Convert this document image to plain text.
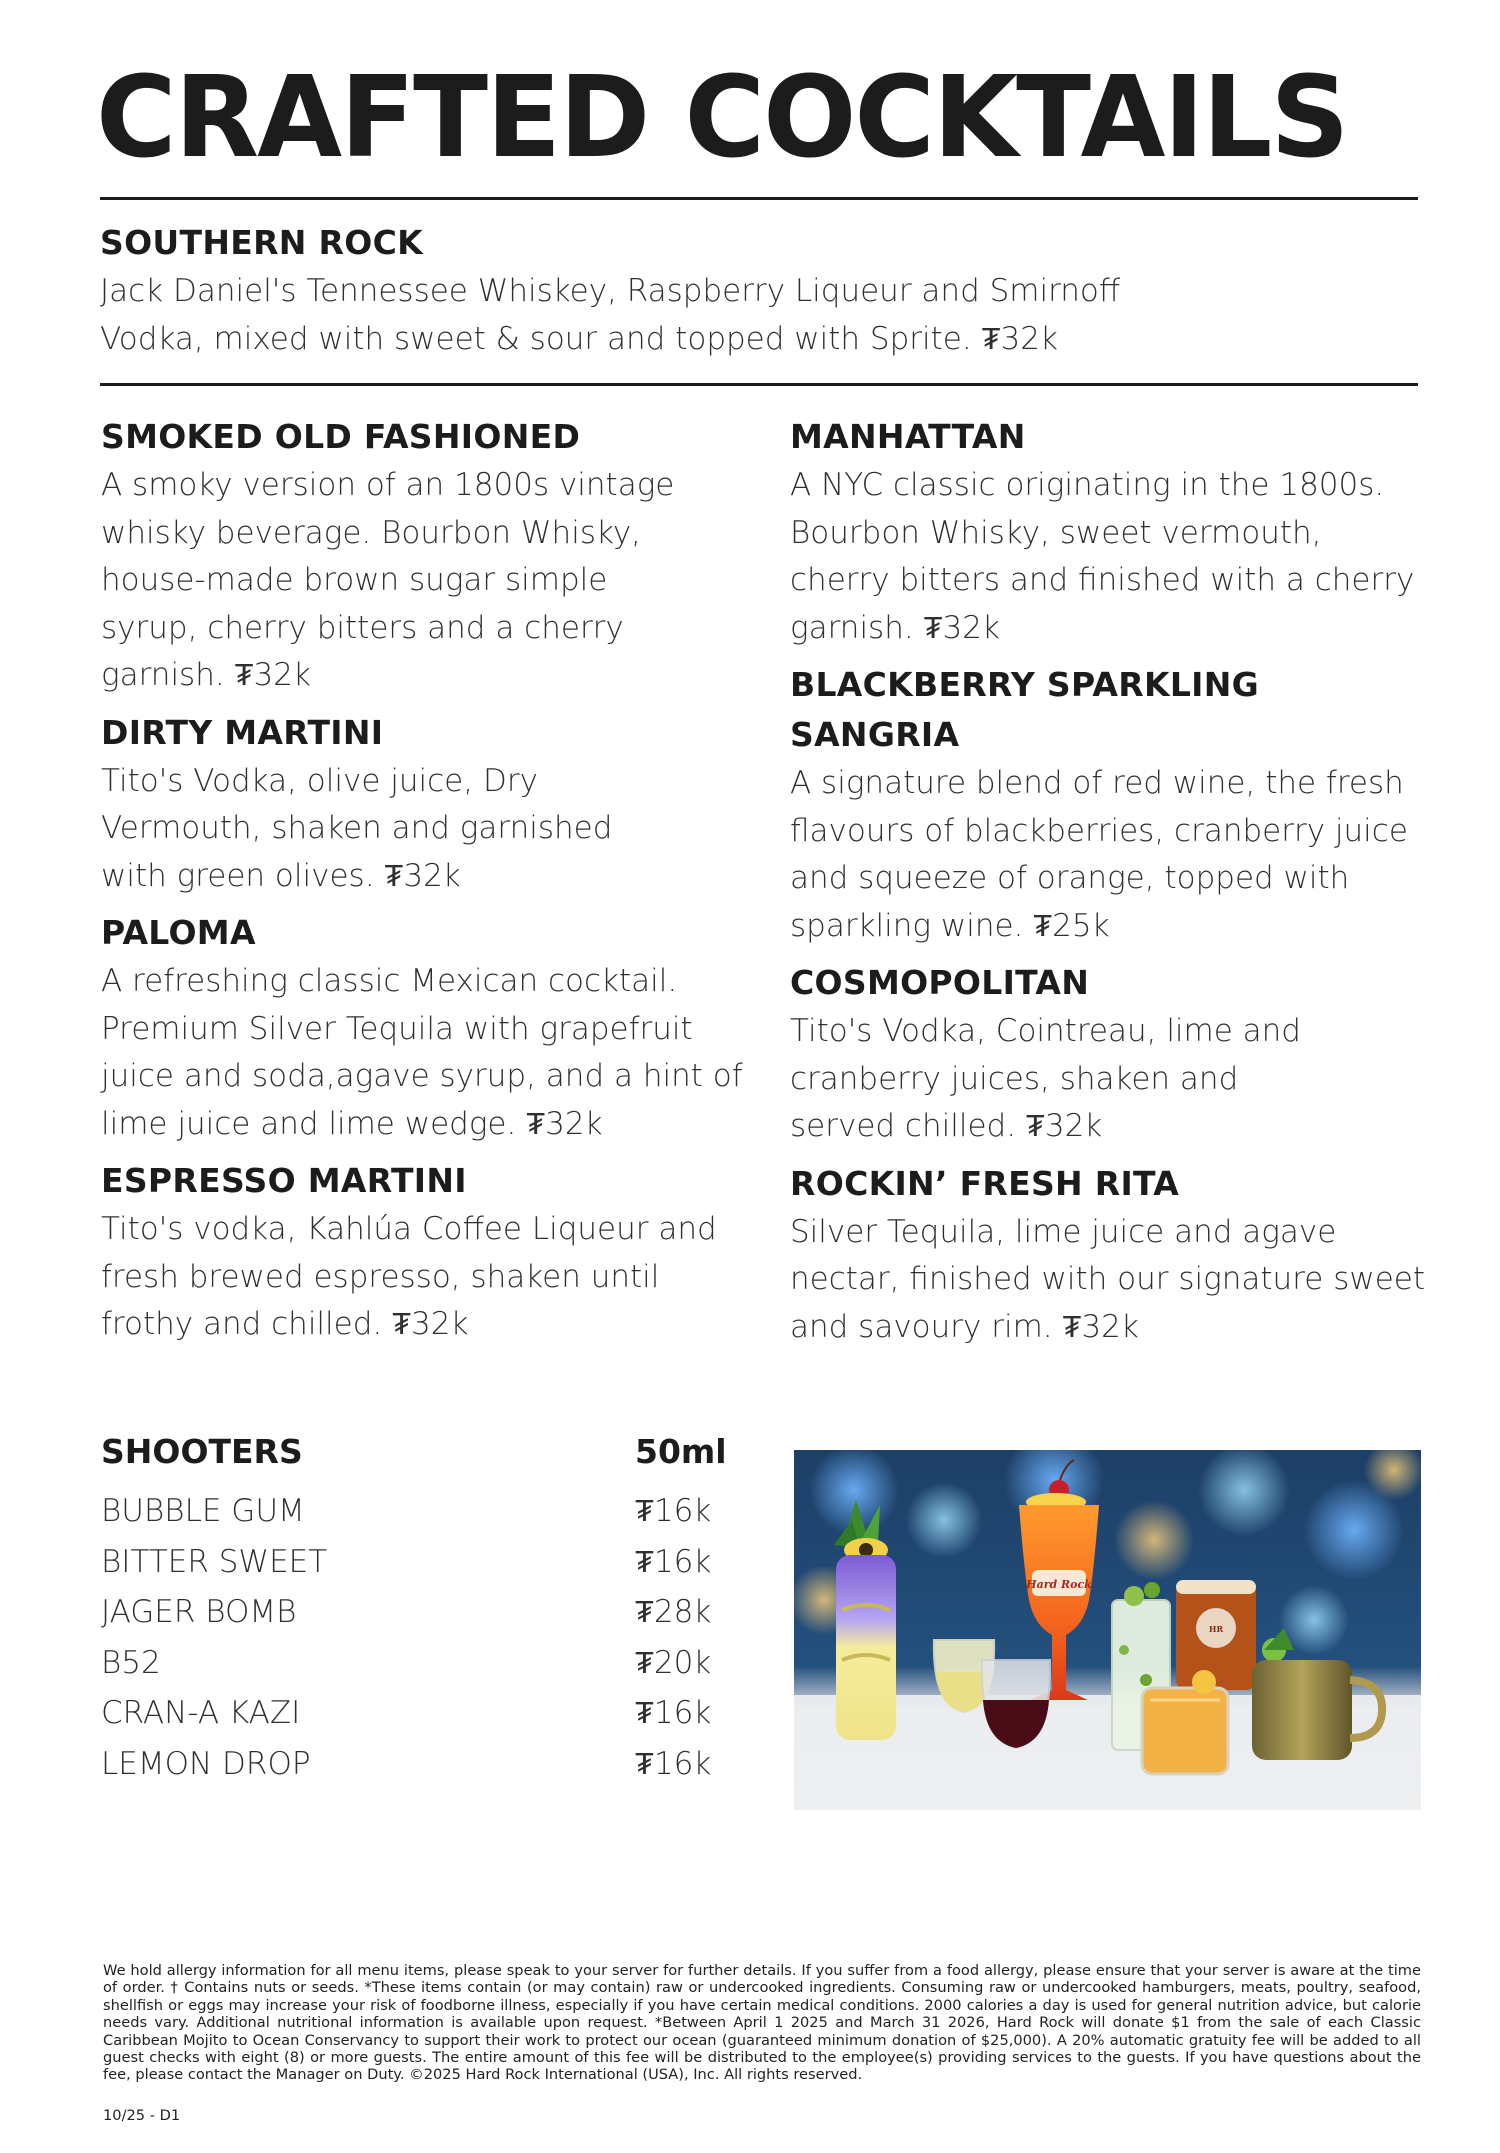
CRAFTED COCKTAILS

SOUTHERN ROCK

Jack Daniel's Tennessee Whiskey, Raspberry Liqueur and Smirnoff
Vodka, mixed with sweet & sour and topped with Sprite. ₮32k

SMOKED OLD FASHIONED

A smoky version of an 1800s vintage whisky beverage. Bourbon Whisky, house-made brown sugar simple syrup, cherry bitters and a cherry garnish. ₮32k

DIRTY MARTINI

Tito's Vodka, olive juice, Dry Vermouth, shaken and garnished with green olives. ₮32k

PALOMA

A refreshing classic Mexican cocktail. Premium Silver Tequila with grapefruit juice and soda,agave syrup, and a hint of lime juice and lime wedge. ₮32k

ESPRESSO MARTINI

Tito's vodka, Kahlúa Coffee Liqueur and fresh brewed espresso, shaken until frothy and chilled. ₮32k

MANHATTAN

A NYC classic originating in the 1800s. Bourbon Whisky, sweet vermouth, cherry bitters and finished with a cherry garnish. ₮32k

BLACKBERRY SPARKLING SANGRIA

A signature blend of red wine, the fresh flavours of blackberries, cranberry juice and squeeze of orange, topped with sparkling wine. ₮25k

COSMOPOLITAN

Tito's Vodka, Cointreau, lime and cranberry juices, shaken and served chilled. ₮32k

ROCKIN’ FRESH RITA

Silver Tequila, lime juice and agave nectar, finished with our signature sweet and savoury rim. ₮32k

SHOOTERS	50ml
BUBBLE GUM	₮16k
BITTER SWEET	₮16k
JAGER BOMB	₮28k
B52	₮20k
CRAN-A KAZI	₮16k
LEMON DROP	₮16k
Hard Rock
HR

We hold allergy information for all menu items, please speak to your server for further details. If you suffer from a food allergy, please ensure that your server is aware at the time of order. † Contains nuts or seeds. *These items contain (or may contain) raw or undercooked ingredients. Consuming raw or undercooked hamburgers, meats, poultry, seafood, shellfish or eggs may increase your risk of foodborne illness, especially if you have certain medical conditions. 2000 calories a day is used for general nutrition advice, but calorie needs vary. Additional nutritional information is available upon request. *Between April 1 2025 and March 31 2026, Hard Rock will donate $1 from the sale of each Classic Caribbean Mojito to Ocean Conservancy to support their work to protect our ocean (guaranteed minimum donation of $25,000). A 20% automatic gratuity fee will be added to all guest checks with eight (8) or more guests. The entire amount of this fee will be distributed to the employee(s) providing services to the guests. If you have questions about the fee, please contact the Manager on Duty. ©2025 Hard Rock International (USA), Inc. All rights reserved.

10/25 - D1
